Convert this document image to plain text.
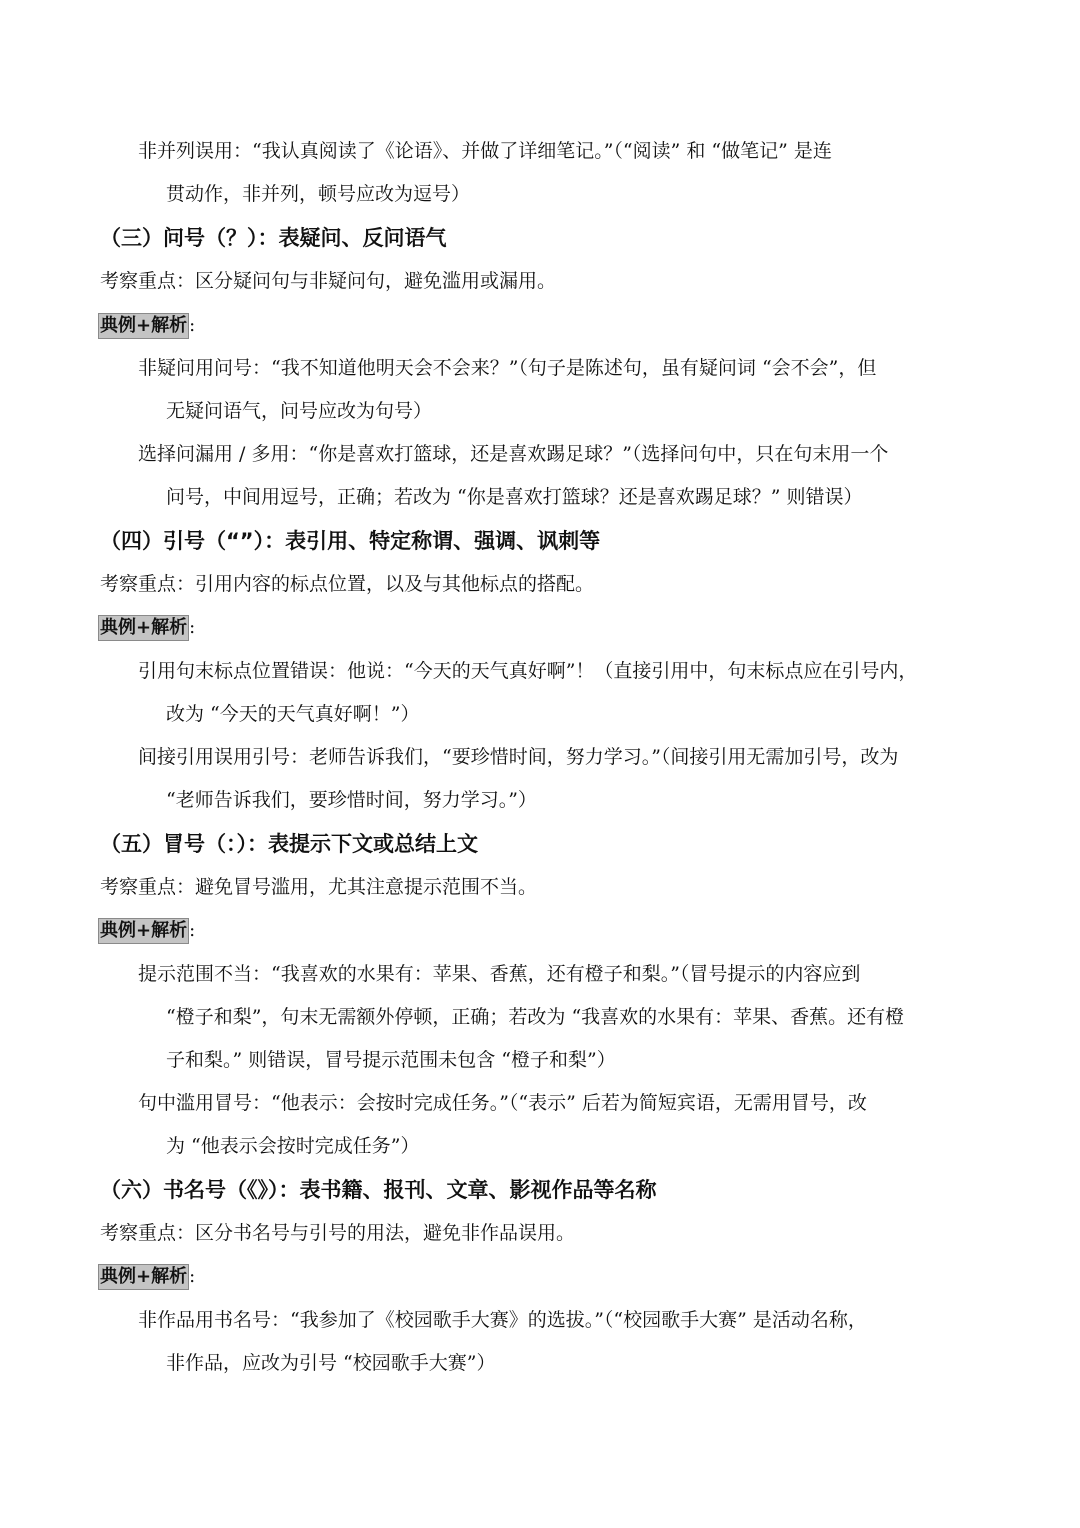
非并列误用：“我认真阅读了《论语》、并做了详细笔记。”（“阅读” 和 “做笔记” 是连
贯动作，非并列，顿号应改为逗号）
（三）问号（？）：表疑问、反问语气
考察重点：区分疑问句与非疑问句，避免滥用或漏用。
典例+解析 :
非疑问用问号：“我不知道他明天会不会来？”（句子是陈述句，虽有疑问词 “会不会”，但
无疑问语气，问号应改为句号）
选择问漏用 / 多用：“你是喜欢打篮球，还是喜欢踢足球？”（选择问句中，只在句末用一个
问号，中间用逗号，正确；若改为 “你是喜欢打篮球？还是喜欢踢足球？” 则错误）
（四）引号（“”）：表引用、特定称谓、强调、讽刺等
考察重点：引用内容的标点位置，以及与其他标点的搭配。
典例+解析 :
引用句末标点位置错误：他说：“今天的天气真好啊”！（直接引用中，句末标点应在引号内，
改为 “今天的天气真好啊！”）
间接引用误用引号：老师告诉我们，“要珍惜时间，努力学习。”（间接引用无需加引号，改为
“老师告诉我们，要珍惜时间，努力学习。”）
（五）冒号（：）：表提示下文或总结上文
考察重点：避免冒号滥用，尤其注意提示范围不当。
典例+解析 :
提示范围不当：“我喜欢的水果有：苹果、香蕉，还有橙子和梨。”（冒号提示的内容应到
“橙子和梨”，句末无需额外停顿，正确；若改为 “我喜欢的水果有：苹果、香蕉。还有橙
子和梨。” 则错误，冒号提示范围未包含 “橙子和梨”）
句中滥用冒号：“他表示：会按时完成任务。”（“表示” 后若为简短宾语，无需用冒号，改
为 “他表示会按时完成任务”）
（六）书名号（《》）：表书籍、报刊、文章、影视作品等名称
考察重点：区分书名号与引号的用法，避免非作品误用。
典例+解析 :
非作品用书名号：“我参加了《校园歌手大赛》的选拔。”（“校园歌手大赛” 是活动名称，
非作品，应改为引号 “校园歌手大赛”）
